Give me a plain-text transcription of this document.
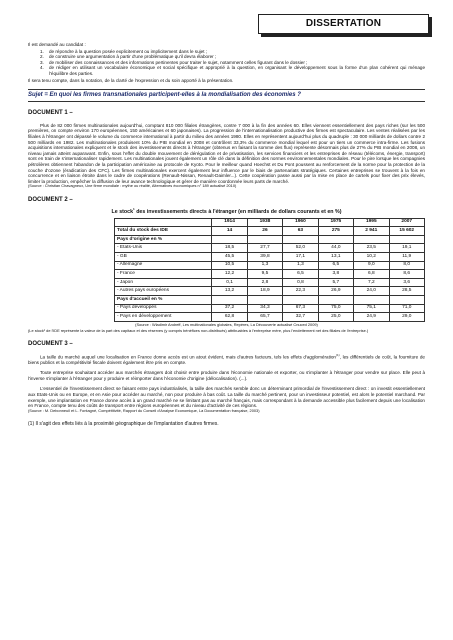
DISSERTATION
Il est demandé au candidat :
1.	de répondre à la question posée explicitement ou implicitement dans le sujet ;
2.	de construire une argumentation à partir d'une problématique qu'il devra élaborer ;
3.	de mobiliser des connaissances et des informations pertinentes pour traiter le sujet, notamment celles figurant dans le dossier ;
4.	de rédiger en utilisant un vocabulaire économique et social spécifique et approprié à la question, en organisant le développement sous la forme d'un plan cohérent qui ménage l'équilibre des parties.
Il sera tenu compte, dans la notation, de la clarté de l'expression et du soin apporté à la présentation.
Sujet = En quoi les firmes transnationales participent-elles à la mondialisation des économies ?
DOCUMENT 1 –
Plus de 82 000 firmes multinationales aujourd'hui, comptant 810 000 filiales étrangères, contre 7 000 à la fin des années 60. Elles viennent essentiellement des pays riches (sur les 500 premières, on compte environ 170 européennes, 150 américaines et 60 japonaises). La progression de l'internationalisation productive des firmes est spectaculaire. Les ventes réalisées par les filiales à l'étranger ont dépassé le volume du commerce international à partir du milieu des années 1980. Elles en représentent aujourd'hui plus du quadruple : 30 000 milliards de dollars contre 2 500 milliards en 1982. Les multinationales produisent 10% du PIB mondial en 2008 et contrôlent 33,3% du commerce mondial lequel est pour un tiers un commerce intra-firme. Les fusions acquisitions internationales expliquent et le stock des investissements directs à l'étranger (obtenus en faisant la somme des flux) représente désormais plus de 27% du PIB mondial en 2008, un niveau jamais atteint auparavant. Enfin, sous l'effet du double mouvement de dérégulation et de privatisation, les services financiers et les entreprises de réseau (télécoms, énergie, transport) sont en train de s'internationaliser rapidement. Les multinationales jouent également un rôle clé dans la définition des normes environnementales mondiales. Pour le pire lorsque les compagnies pétrolières obtiennent l'abandon de la participation américaine au protocole de Kyoto. Pour le meilleur quand Hoechst et Du Pont poussent au renforcement de la norme pour la protection de la couche d'ozone (éradication des CFC). Les firmes multinationales exercent également leur influence par le biais de partenariats stratégiques. Certaines entreprises se trouvent à la fois en concurrence et en liaison étroite dans le cadre de coopérations (Renault-Nissan, Renault-Daimler...). Cette coopération passe aussi par la mise en place de cartels pour fixer des prix élevés, limiter la production, empêcher la diffusion de leur avance technologique et gérer de manière coordonnée leurs parts de marché.
(Source : Christian Chavagneux, Une firme mondiale : mythe ou réalité, Alternatives économiques n° 189 actualisé 2010)
DOCUMENT 2 –
Le stock$^1$ des investissements directs à l'étranger (en milliards de dollars courants et en %)
	1914	1938	1960	1975	1995	2007
Total du stock des IDE	14	26	63	275	2 941	15 602
Pays d'origine en %						
- Etats-Unis	18,5	27,7	52,0	44,0	23,5	19,1
- GB	45,5	39,8	17,1	13,1	10,2	11,9
- Allemagne	10,5	1,3	1,3	6,5	9,0	8,0
- France	12,2	9,5	6,5	3,8	6,8	8,6
- Japon	0,1	2,8	0,8	5,7	7,2	3,6
- Autres pays européens	13,2	18,9	22,3	26,9	24,0	28,5
Pays d'accueil en %						
- Pays développés	37,2	34,3	67,3	75,0	75,1	71,0
- Pays en développement	62,8	65,7	32,7	25,0	24,9	29,0
(Source : Wladimir Andreff, Les multinationales globales, Repères, La Découverte actualisé Cnuced 2009)
(Le stock¹ de l'IDE représente la valeur de la part des capitaux et des réserves (y compris bénéfices non-distribués) attribuables à l'entreprise mère, plus l'endettement net des filiales de l'entreprise.)
DOCUMENT 3 –
La taille du marché auquel une localisation en France donne accès est un atout évident, mais d'autres facteurs, tels les effets d'agglomération$^{(1)}$, les différentiels de coût, la fourniture de biens publics et la compétitivité fiscale doivent également être pris en compte.
Toute entreprise souhaitant accéder aux marchés étrangers doit choisir entre produire dans l'économie nationale et exporter, ou s'implanter à l'étranger pour vendre sur place. Elle peut à l'inverse s'implanter à l'étranger pour y produire et réimporter dans l'économie d'origine (délocalisation). (...).
L'essentiel de l'investissement direct se faisant entre pays industrialisés, la taille des marchés semble donc un déterminant primordial de l'investissement direct : on investit essentiellement aux Etats-Unis ou en Europe, et en Asie pour accéder au marché, non pour produire à bas coût. La taille du marché pertinent, pour un investisseur potentiel, est alors le potentiel marchand. Par exemple, une implantation en France donne accès à un grand marché ne se limitant pas au marché français, mais correspondant à la demande accessible plus facilement depuis une localisation en France, compte tenu des coûts de transport entre régions européennes et du niveau d'activité de ces régions.
(Source : M. Debonneuil et L. Fontagné, Compétitivité, Rapport du Conseil d'Analyse Economique, La Documentation française, 2003)
(1) Il s'agit des effets liés à la proximité géographique de l'implantation d'autres firmes.
